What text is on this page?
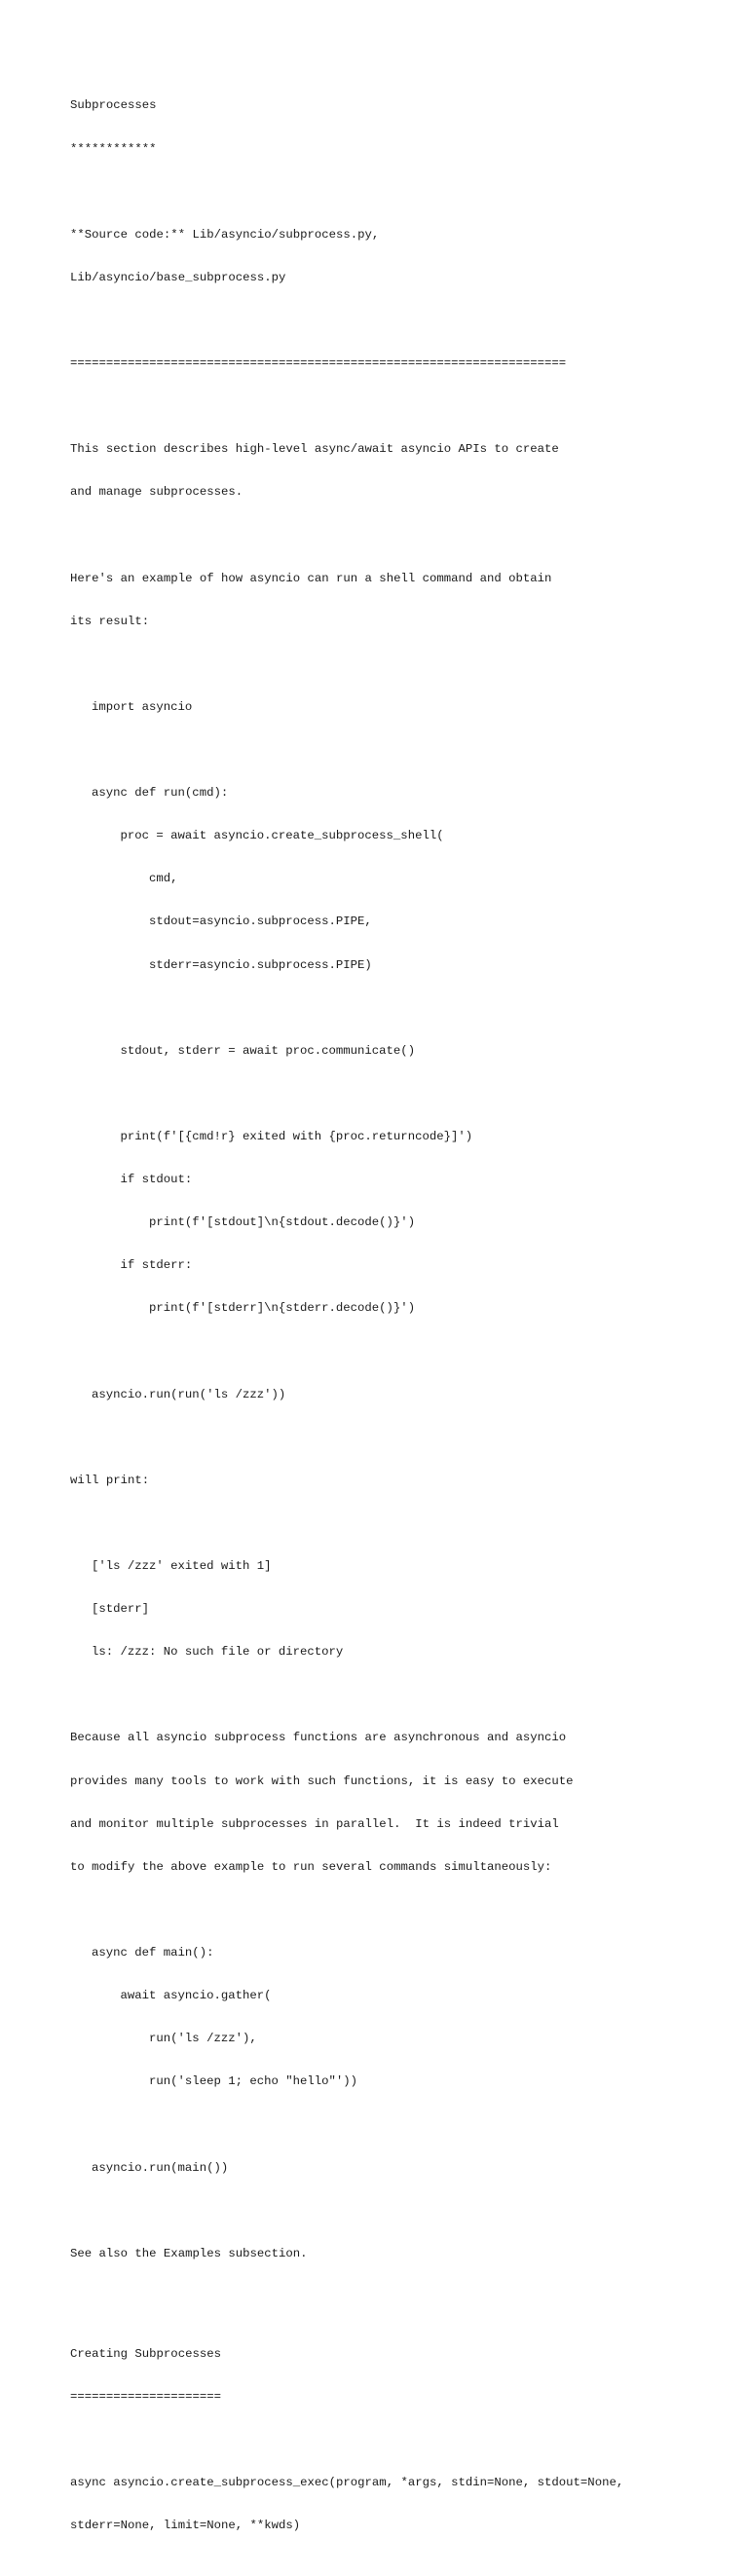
Subprocesses

************

**Source code:** Lib/asyncio/subprocess.py,

Lib/asyncio/base_subprocess.py

=====================================================================

This section describes high-level async/await asyncio APIs to create

and manage subprocesses.

Here's an example of how asyncio can run a shell command and obtain

its result:

import asyncio

async def run(cmd):

proc = await asyncio.create_subprocess_shell(

cmd,

stdout=asyncio.subprocess.PIPE,

stderr=asyncio.subprocess.PIPE)

stdout, stderr = await proc.communicate()

print(f'[{cmd!r} exited with {proc.returncode}]')

if stdout:

print(f'[stdout]\n{stdout.decode()}')

if stderr:

print(f'[stderr]\n{stderr.decode()}')

asyncio.run(run('ls /zzz'))

will print:

['ls /zzz' exited with 1]

[stderr]

ls: /zzz: No such file or directory

Because all asyncio subprocess functions are asynchronous and asyncio

provides many tools to work with such functions, it is easy to execute

and monitor multiple subprocesses in parallel.  It is indeed trivial

to modify the above example to run several commands simultaneously:

async def main():

await asyncio.gather(

run('ls /zzz'),

run('sleep 1; echo "hello"'))

asyncio.run(main())

See also the Examples subsection.

Creating Subprocesses

=====================

async asyncio.create_subprocess_exec(program, *args, stdin=None, stdout=None,

stderr=None, limit=None, **kwds)
